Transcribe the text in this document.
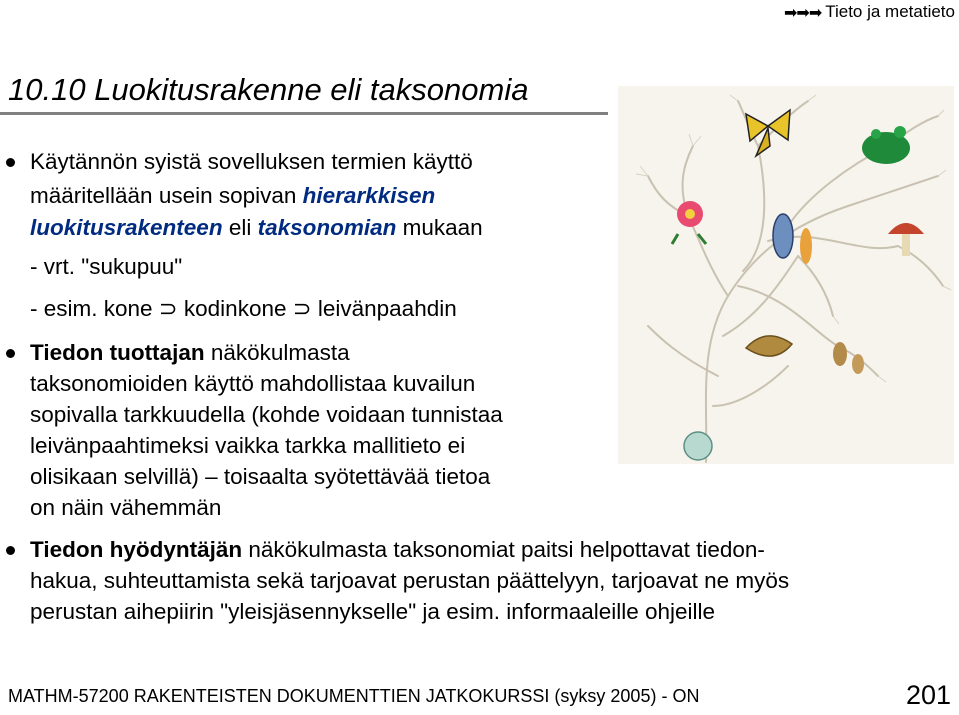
➡➡➡ Tieto ja metatieto
10.10 Luokitusrakenne eli taksonomia
Käytännön syistä sovelluksen termien käyttö
määritellään usein sopivan hierarkkisen
luokitusrakenteen eli taksonomian mukaan
- vrt. "sukupuu"
- esim. kone ⊃ kodinkone ⊃ leivänpaahdin
Tiedon tuottajan näkökulmasta
taksonomioiden käyttö mahdollistaa kuvailun
sopivalla tarkkuudella (kohde voidaan tunnistaa
leivänpaahtimeksi vaikka tarkka mallitieto ei
olisikaan selvillä) – toisaalta syötettävää tietoa
on näin vähemmän
Tiedon hyödyntäjän näkökulmasta taksonomiat paitsi helpottavat tiedon-
hakua, suhteuttamista sekä tarjoavat perustan päättelyyn, tarjoavat ne myös
perustan aihepiirin "yleisjäsennykselle" ja esim. informaaleille ohjeille
MATHM-57200 RAKENTEISTEN DOKUMENTTIEN JATKOKURSSI (syksy 2005) - ON	201
